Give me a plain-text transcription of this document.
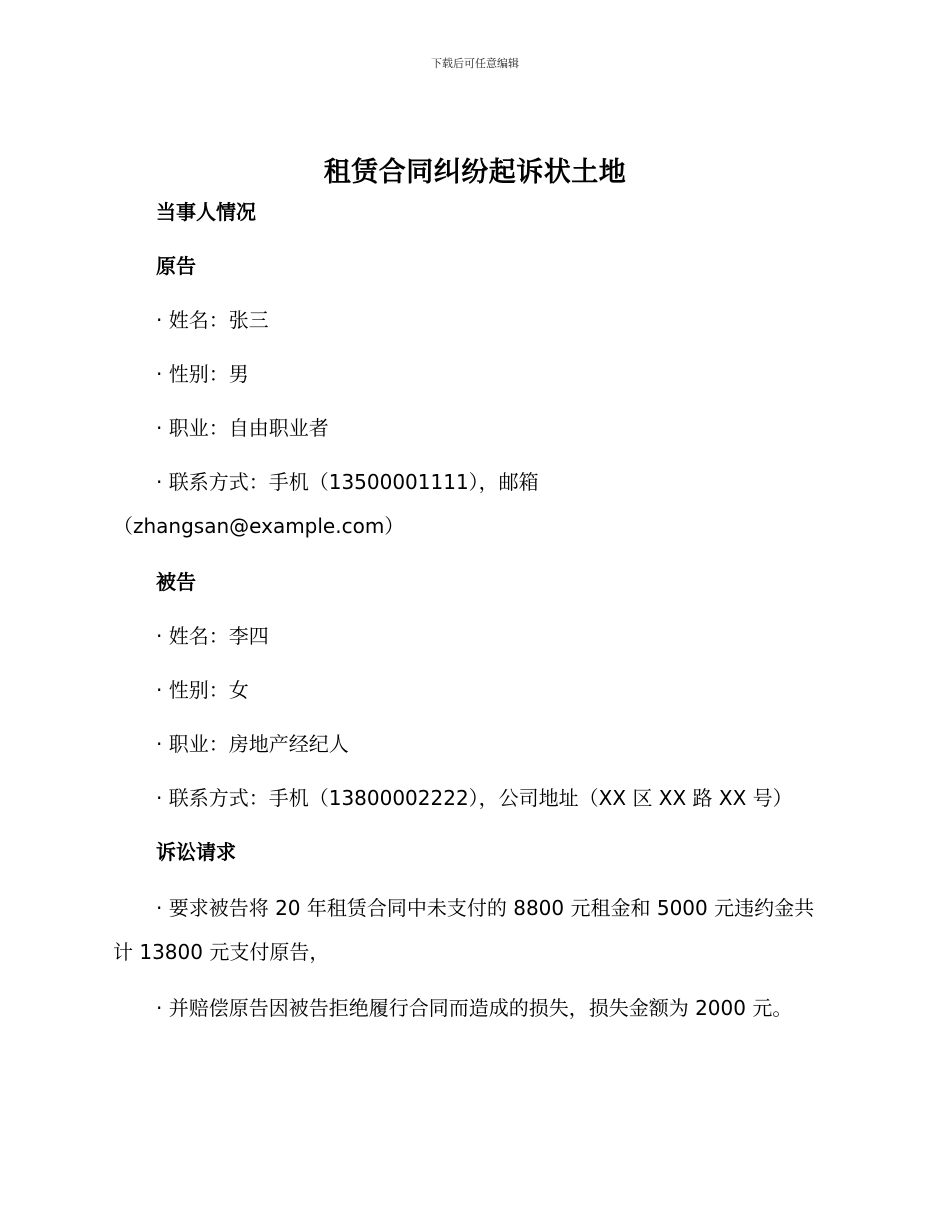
下载后可任意编辑
租赁合同纠纷起诉状土地
当事人情况
原告
· 姓名：张三
· 性别：男
· 职业：自由职业者
· 联系方式：手机（13500001111），邮箱
（zhangsan@example.com）
被告
· 姓名：李四
· 性别：女
· 职业：房地产经纪人
· 联系方式：手机（13800002222），公司地址（XX 区 XX 路 XX 号）
诉讼请求
· 要求被告将 20 年租赁合同中未支付的 8800 元租金和 5000 元违约金共
计 13800 元支付原告，
· 并赔偿原告因被告拒绝履行合同而造成的损失，损失金额为 2000 元。
